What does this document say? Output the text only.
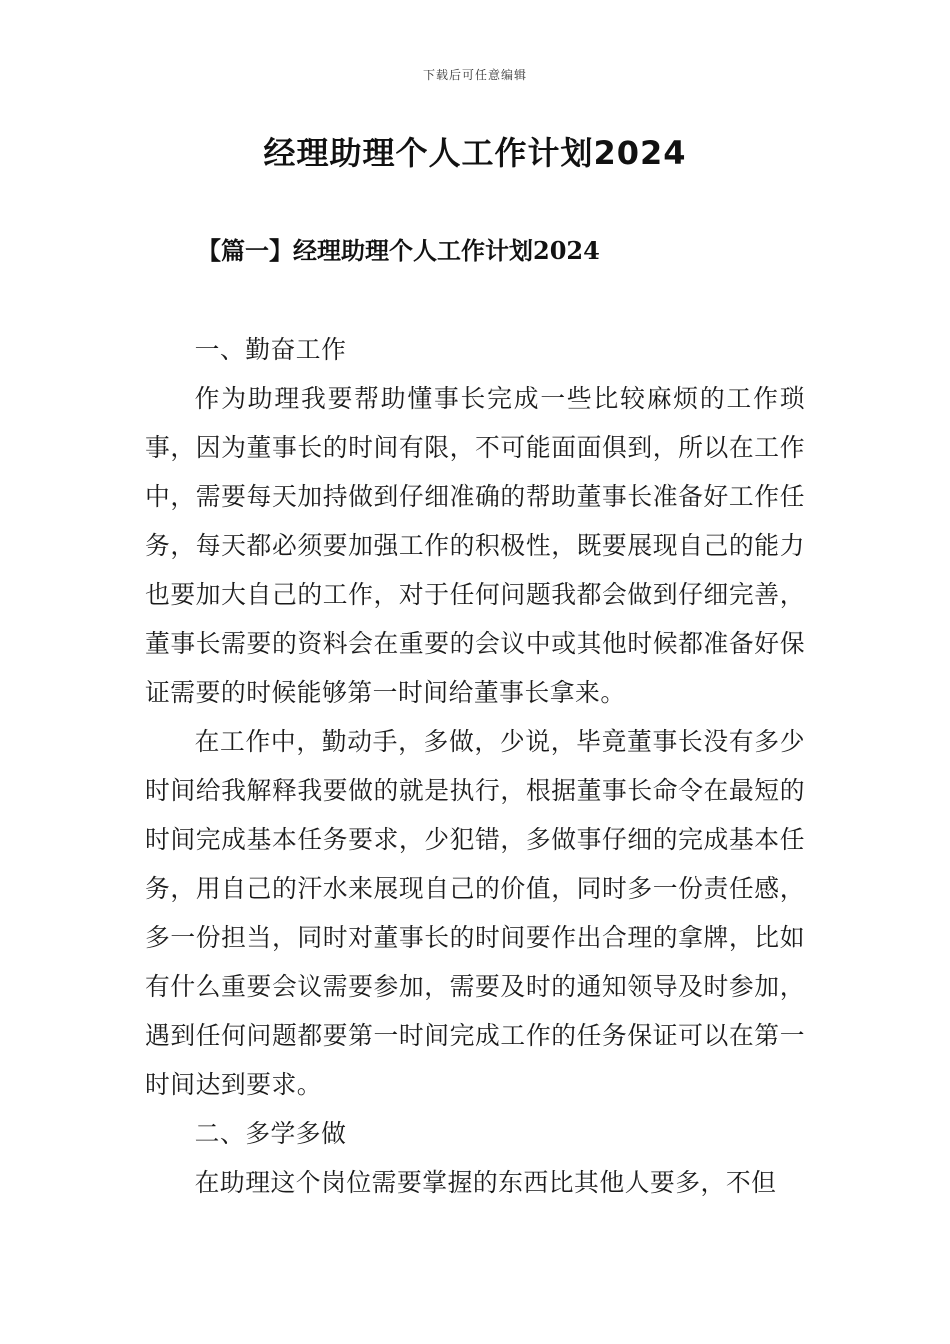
下载后可任意编辑
经理助理个人工作计划2024
【篇一】经理助理个人工作计划2024

一、勤奋工作

作为助理我要帮助懂事长完成一些比较麻烦的工作琐事，因为董事长的时间有限，不可能面面俱到，所以在工作中，需要每天加持做到仔细准确的帮助董事长准备好工作任务，每天都必须要加强工作的积极性，既要展现自己的能力也要加大自己的工作，对于任何问题我都会做到仔细完善，董事长需要的资料会在重要的会议中或其他时候都准备好保证需要的时候能够第一时间给董事长拿来。

在工作中，勤动手，多做，少说，毕竟董事长没有多少时间给我解释我要做的就是执行，根据董事长命令在最短的时间完成基本任务要求，少犯错，多做事仔细的完成基本任务，用自己的汗水来展现自己的价值，同时多一份责任感，多一份担当，同时对董事长的时间要作出合理的拿牌，比如有什么重要会议需要参加，需要及时的通知领导及时参加，遇到任何问题都要第一时间完成工作的任务保证可以在第一时间达到要求。

二、多学多做

在助理这个岗位需要掌握的东西比其他人要多，不但
